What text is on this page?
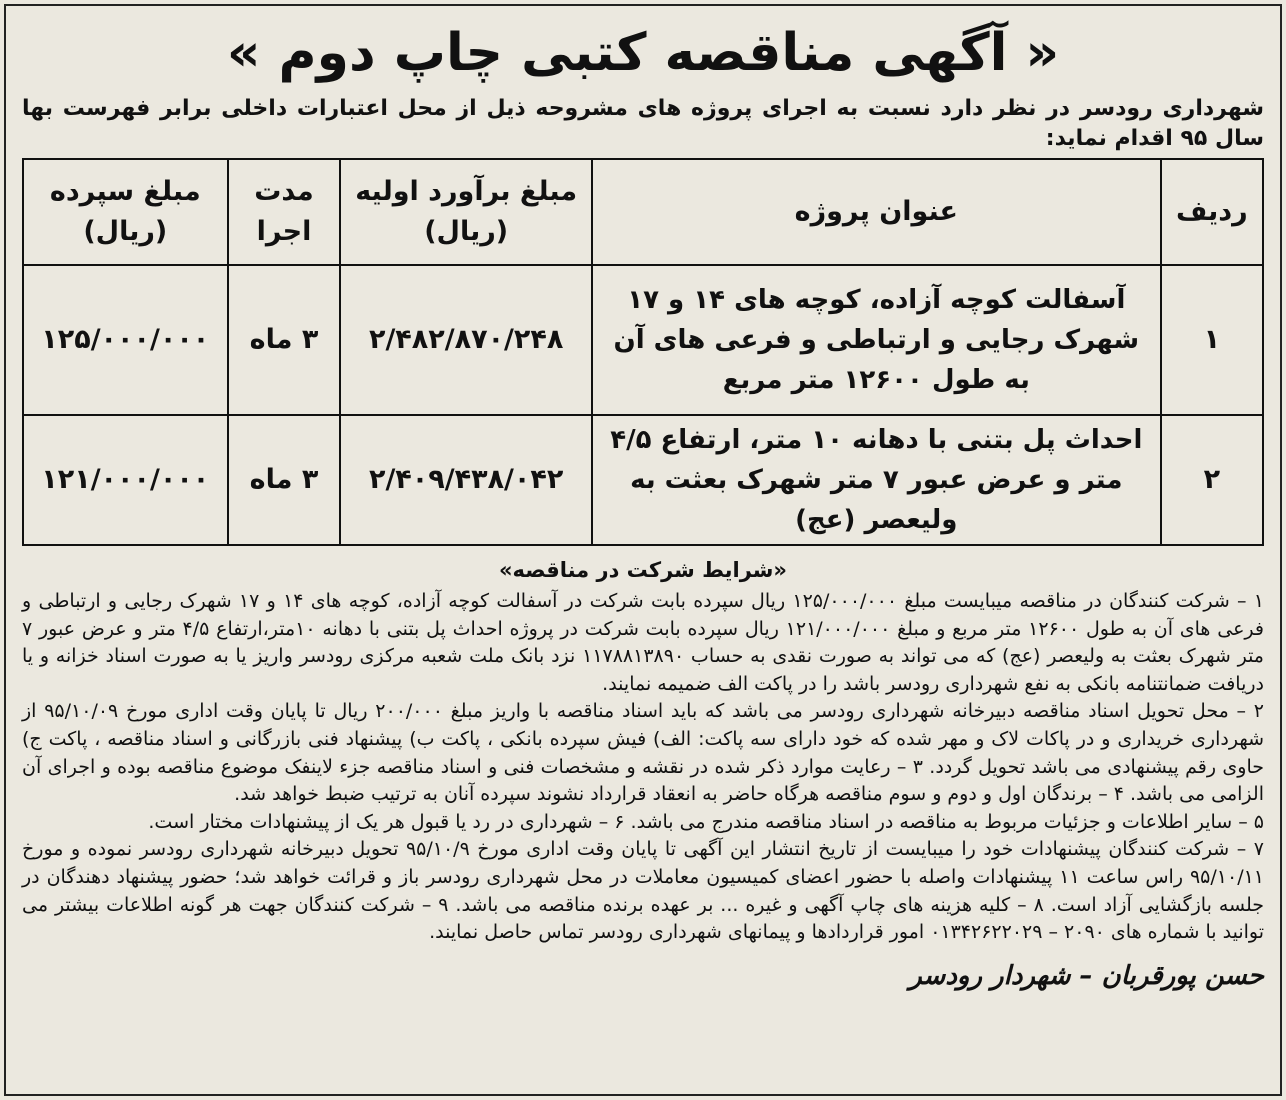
« آگهی مناقصه کتبی چاپ دوم »

شهرداری رودسر در نظر دارد نسبت به اجرای پروژه های مشروحه ذیل از محل اعتبارات داخلی برابر فهرست بها سال ۹۵ اقدام نماید:

ردیف	عنوان پروژه	مبلغ برآورد اولیه (ریال)	مدت اجرا	مبلغ سپرده (ریال)
۱	آسفالت کوچه آزاده، کوچه های ۱۴ و ۱۷ شهرک رجایی و ارتباطی و فرعی های آن به طول ۱۲۶۰۰ متر مربع	۲/۴۸۲/۸۷۰/۲۴۸	۳ ماه	۱۲۵/۰۰۰/۰۰۰
۲	احداث پل بتنی با دهانه ۱۰ متر، ارتفاع ۴/۵ متر و عرض عبور ۷ متر شهرک بعثت به ولیعصر (عج)	۲/۴۰۹/۴۳۸/۰۴۲	۳ ماه	۱۲۱/۰۰۰/۰۰۰
«شرایط شرکت در مناقصه»

۱ – شرکت کنندگان در مناقصه میبایست مبلغ ۱۲۵/۰۰۰/۰۰۰ ریال سپرده بابت شرکت در آسفالت کوچه آزاده، کوچه های ۱۴ و ۱۷ شهرک رجایی و ارتباطی و فرعی های آن به طول ۱۲۶۰۰ متر مربع و مبلغ ۱۲۱/۰۰۰/۰۰۰ ریال سپرده بابت شرکت در پروژه احداث پل بتنی با دهانه ۱۰متر،ارتفاع ۴/۵ متر و عرض عبور ۷ متر شهرک بعثت به ولیعصر (عج) که می تواند به صورت نقدی به حساب ۱۱۷۸۸۱۳۸۹۰ نزد بانک ملت شعبه مرکزی رودسر واریز یا به صورت اسناد خزانه و یا دریافت ضمانتنامه بانکی به نفع شهرداری رودسر باشد را در پاکت الف ضمیمه نمایند.

۲ – محل تحویل اسناد مناقصه دبیرخانه شهرداری رودسر می باشد که باید اسناد مناقصه با واریز مبلغ ۲۰۰/۰۰۰ ریال تا پایان وقت اداری مورخ ۹۵/۱۰/۰۹ از شهرداری خریداری و در پاکات لاک و مهر شده که خود دارای سه پاکت: الف) فیش سپرده بانکی ، پاکت ب) پیشنهاد فنی بازرگانی و اسناد مناقصه ، پاکت ج) حاوی رقم پیشنهادی می باشد تحویل گردد. ۳ – رعایت موارد ذکر شده در نقشه و مشخصات فنی و اسناد مناقصه جزء لاینفک موضوع مناقصه بوده و اجرای آن الزامی می باشد. ۴ – برندگان اول و دوم و سوم مناقصه هرگاه حاضر به انعقاد قرارداد نشوند سپرده آنان به ترتیب ضبط خواهد شد.

۵ – سایر اطلاعات و جزئیات مربوط به مناقصه در اسناد مناقصه مندرج می باشد. ۶ – شهرداری در رد یا قبول هر یک از پیشنهادات مختار است.

۷ – شرکت کنندگان پیشنهادات خود را میبایست از تاریخ انتشار این آگهی تا پایان وقت اداری مورخ ۹۵/۱۰/۹ تحویل دبیرخانه شهرداری رودسر نموده و مورخ ۹۵/۱۰/۱۱ راس ساعت ۱۱ پیشنهادات واصله با حضور اعضای کمیسیون معاملات در محل شهرداری رودسر باز و قرائت خواهد شد؛ حضور پیشنهاد دهندگان در جلسه بازگشایی آزاد است. ۸ – کلیه هزینه های چاپ آگهی و غیره ... بر عهده برنده مناقصه می باشد. ۹ – شرکت کنندگان جهت هر گونه اطلاعات بیشتر می توانید با شماره های ۲۰۹۰ – ۰۱۳۴۲۶۲۲۰۲۹ امور قراردادها و پیمانهای شهرداری رودسر تماس حاصل نمایند.

حسن پورقربان – شهردار رودسر
